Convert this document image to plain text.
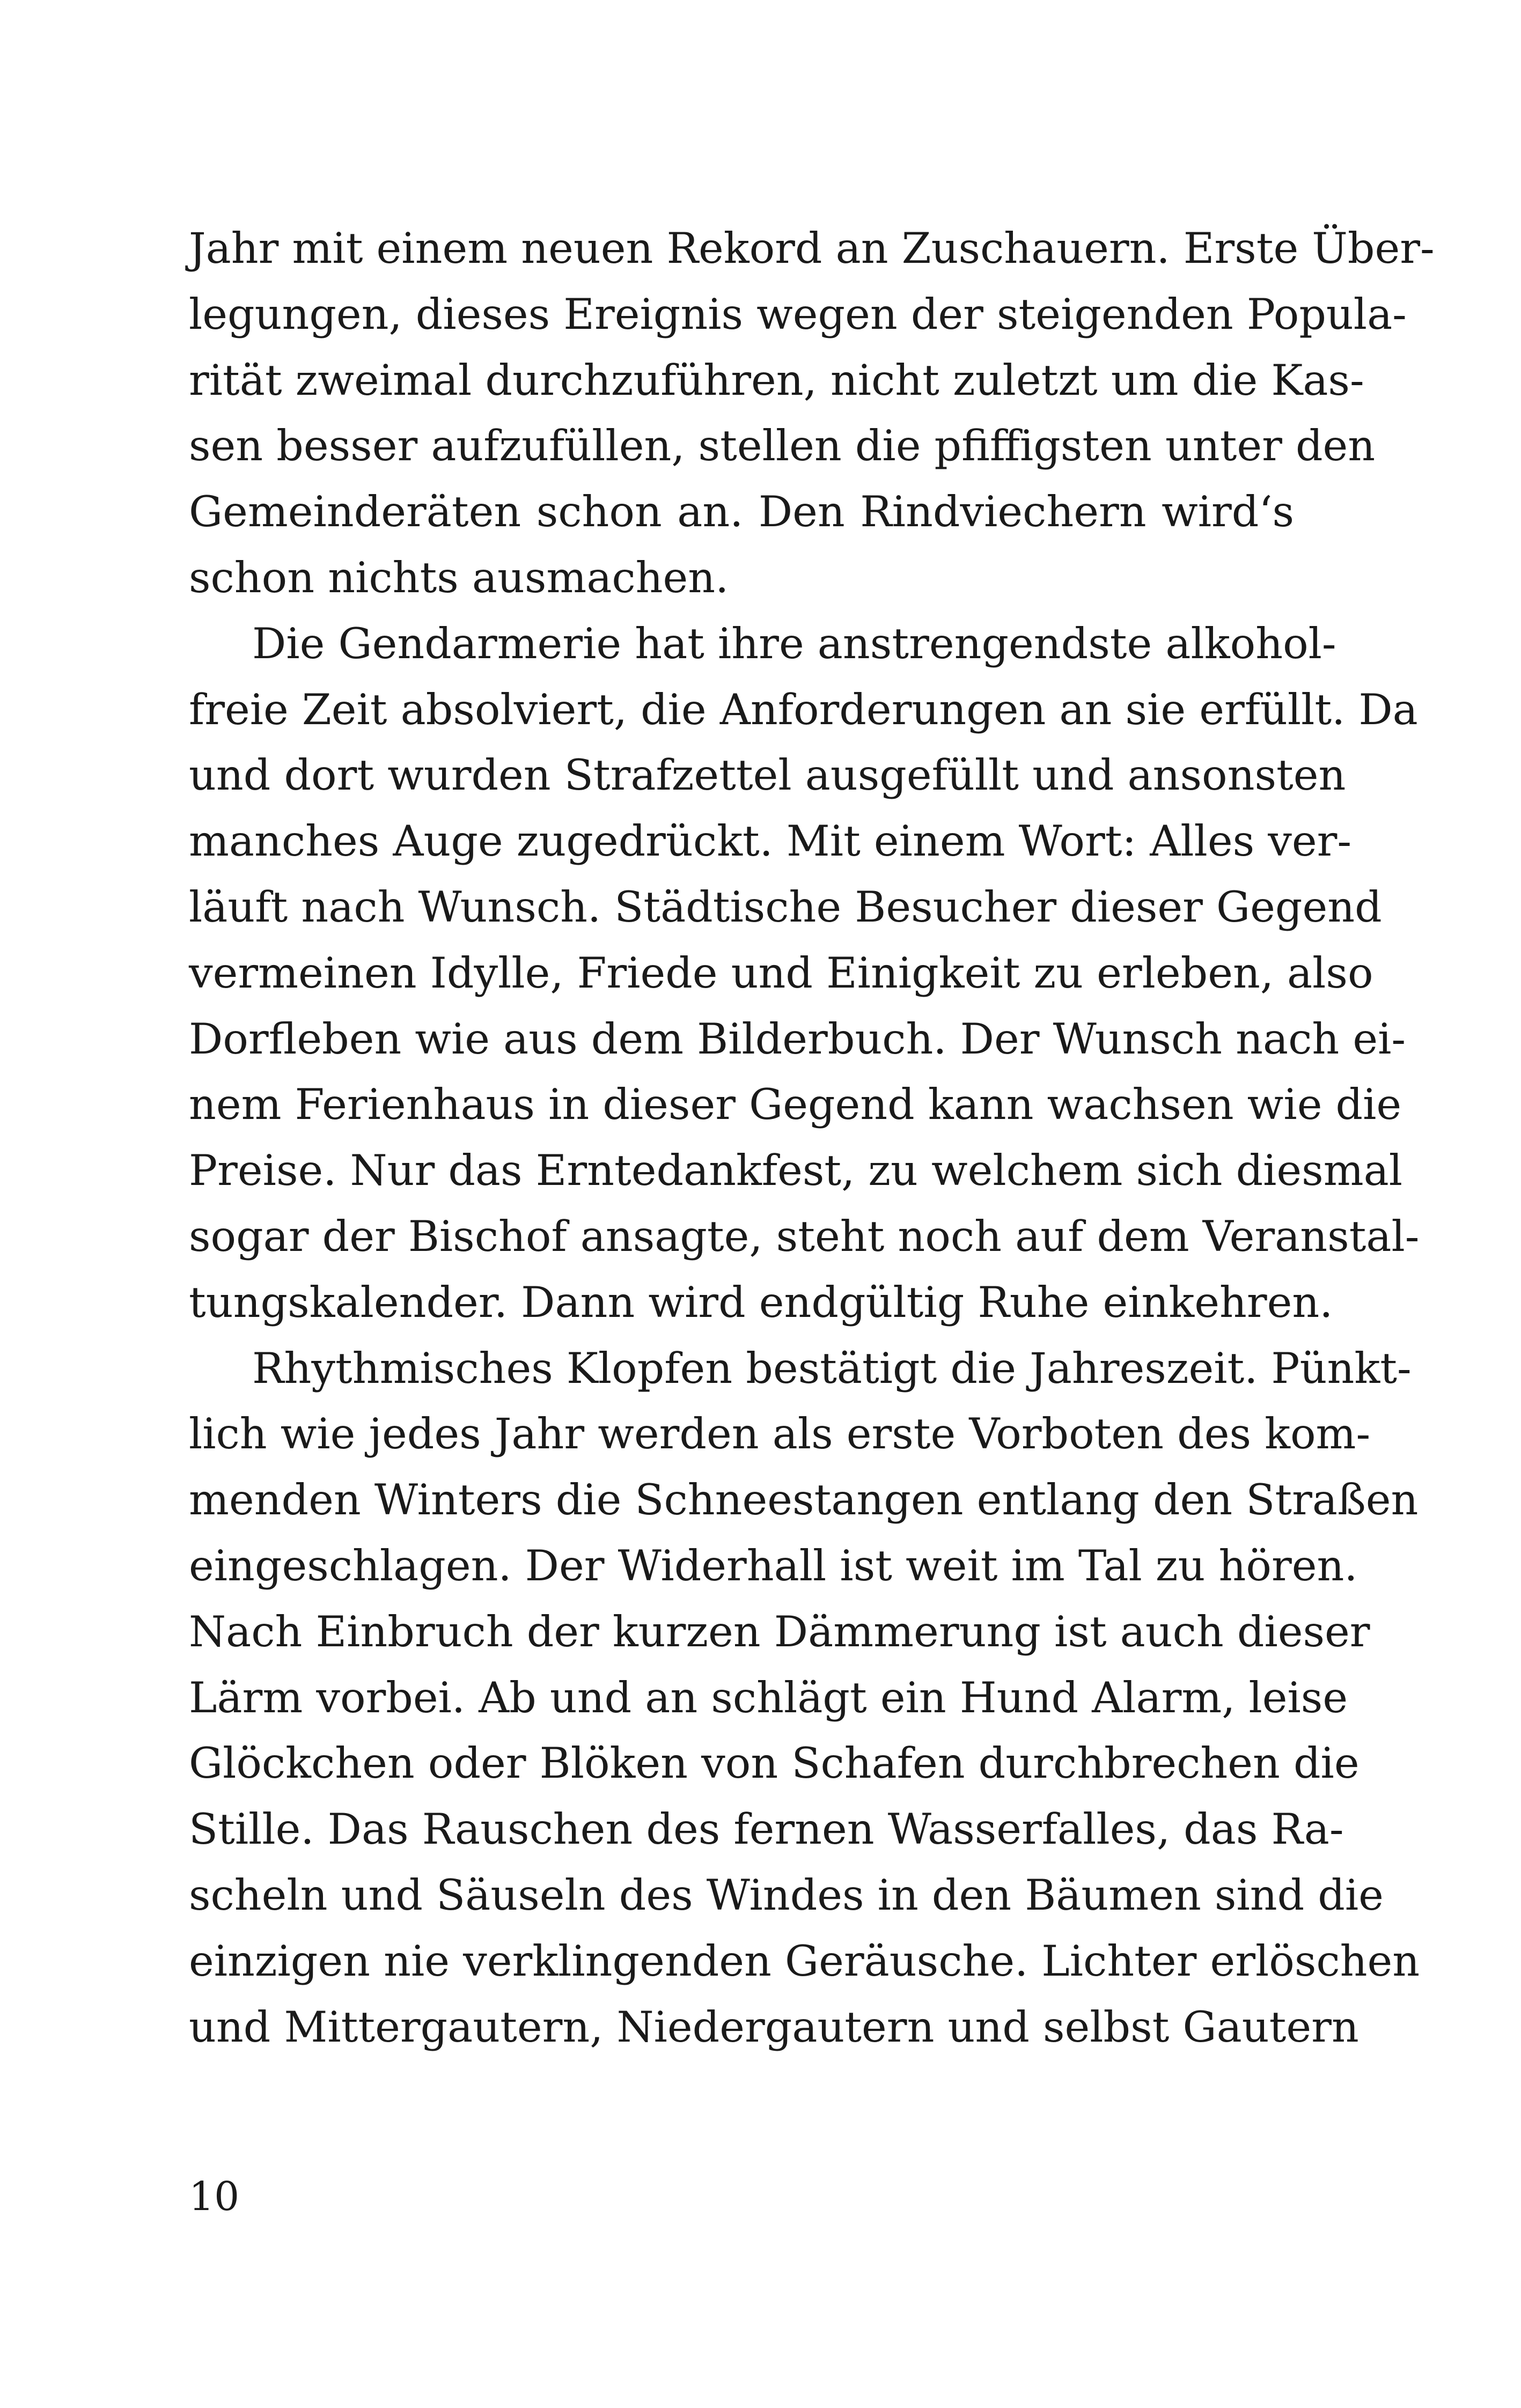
Jahr mit einem neuen Rekord an Zuschauern. Erste Über-
legungen, dieses Ereignis wegen der steigenden Popula-
rität zweimal durchzuführen, nicht zuletzt um die Kas-
sen besser aufzufüllen, stellen die pfiffigsten unter den
Gemeinderäten schon an. Den Rindviechern wird‘s
schon nichts ausmachen.
Die Gendarmerie hat ihre anstrengendste alkohol-
freie Zeit absolviert, die Anforderungen an sie erfüllt. Da
und dort wurden Strafzettel ausgefüllt und ansonsten
manches Auge zugedrückt. Mit einem Wort: Alles ver-
läuft nach Wunsch. Städtische Besucher dieser Gegend
vermeinen Idylle, Friede und Einigkeit zu erleben, also
Dorfleben wie aus dem Bilderbuch. Der Wunsch nach ei-
nem Ferienhaus in dieser Gegend kann wachsen wie die
Preise. Nur das Erntedankfest, zu welchem sich diesmal
sogar der Bischof ansagte, steht noch auf dem Veranstal-
tungskalender. Dann wird endgültig Ruhe einkehren.
Rhythmisches Klopfen bestätigt die Jahreszeit. Pünkt-
lich wie jedes Jahr werden als erste Vorboten des kom-
menden Winters die Schneestangen entlang den Straßen
eingeschlagen. Der Widerhall ist weit im Tal zu hören.
Nach Einbruch der kurzen Dämmerung ist auch dieser
Lärm vorbei. Ab und an schlägt ein Hund Alarm, leise
Glöckchen oder Blöken von Schafen durchbrechen die
Stille. Das Rauschen des fernen Wasserfalles, das Ra-
scheln und Säuseln des Windes in den Bäumen sind die
einzigen nie verklingenden Geräusche. Lichter erlöschen
und Mittergautern, Niedergautern und selbst Gautern
10
